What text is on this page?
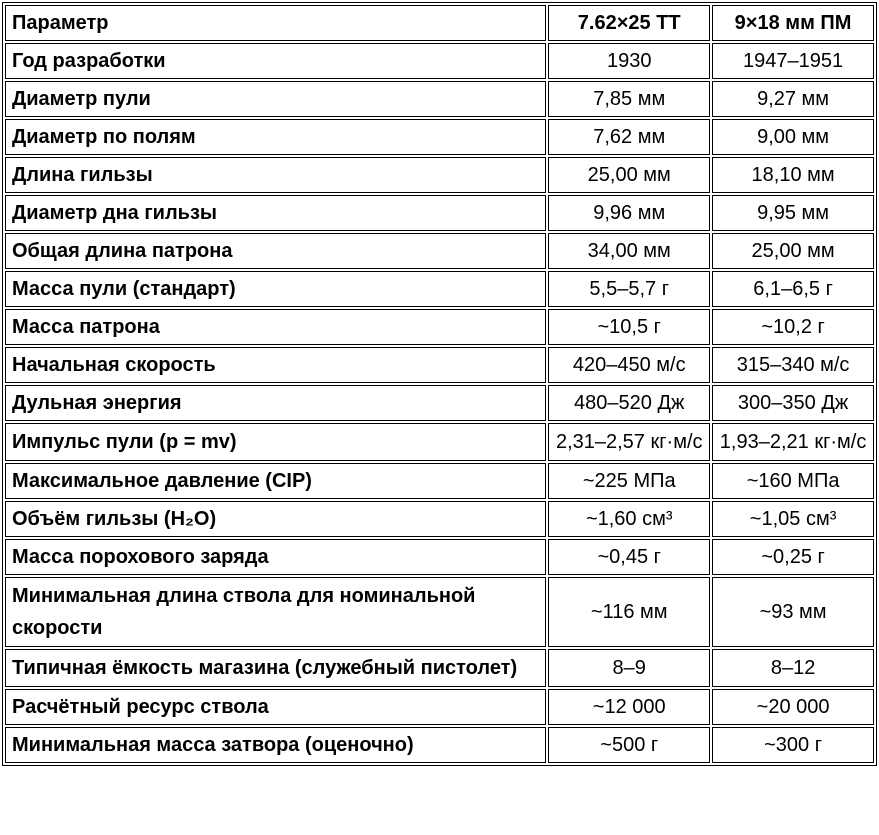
Параметр	7.62×25 ТТ	9×18 мм ПМ
Год разработки	1930	1947–1951
Диаметр пули	7,85 мм	9,27 мм
Диаметр по полям	7,62 мм	9,00 мм
Длина гильзы	25,00 мм	18,10 мм
Диаметр дна гильзы	9,96 мм	9,95 мм
Общая длина патрона	34,00 мм	25,00 мм
Масса пули (стандарт)	5,5–5,7 г	6,1–6,5 г
Масса патрона	~10,5 г	~10,2 г
Начальная скорость	420–450 м/с	315–340 м/с
Дульная энергия	480–520 Дж	300–350 Дж
Импульс пули (p = mv)	2,31–2,57 кг·м/с	1,93–2,21 кг·м/с
Максимальное давление (CIP)	~225 МПа	~160 МПа
Объём гильзы (H₂O)	~1,60 см³	~1,05 см³
Масса порохового заряда	~0,45 г	~0,25 г
Минимальная длина ствола для номинальной скорости	~116 мм	~93 мм
Типичная ёмкость магазина (служебный пистолет)	8–9	8–12
Расчётный ресурс ствола	~12 000	~20 000
Минимальная масса затвора (оценочно)	~500 г	~300 г
